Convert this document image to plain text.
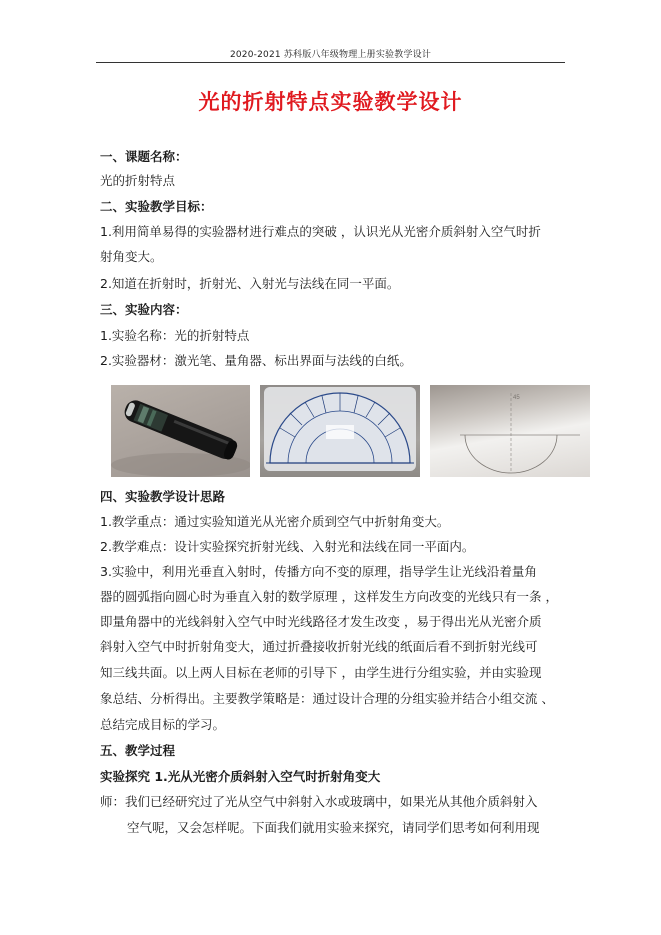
2020-2021 苏科版八年级物理上册实验教学设计
光的折射特点实验教学设计
一、课题名称：
光的折射特点
二、实验教学目标：
1.利用简单易得的实验器材进行难点的突破 ，认识光从光密介质斜射入空气时折
射角变大。
2.知道在折射时，折射光、入射光与法线在同一平面。
三、实验内容：
1.实验名称：光的折射特点
2.实验器材：激光笔、量角器、标出界面与法线的白纸。
45
四、实验教学设计思路
1.教学重点：通过实验知道光从光密介质到空气中折射角变大。
2.教学难点：设计实验探究折射光线、入射光和法线在同一平面内。
3.实验中，利用光垂直入射时，传播方向不变的原理，指导学生让光线沿着量角
器的圆弧指向圆心时为垂直入射的数学原理 ，这样发生方向改变的光线只有一条 ，
即量角器中的光线斜射入空气中时光线路径才发生改变 ，易于得出光从光密介质
斜射入空气中时折射角变大，通过折叠接收折射光线的纸面后看不到折射光线可
知三线共面。以上两人目标在老师的引导下 ，由学生进行分组实验，并由实验现
象总结、分析得出。主要教学策略是：通过设计合理的分组实验并结合小组交流 、
总结完成目标的学习。
五、教学过程
实验探究 1.光从光密介质斜射入空气时折射角变大
师：我们已经研究过了光从空气中斜射入水或玻璃中，如果光从其他介质斜射入
空气呢，又会怎样呢。下面我们就用实验来探究，请同学们思考如何利用现
